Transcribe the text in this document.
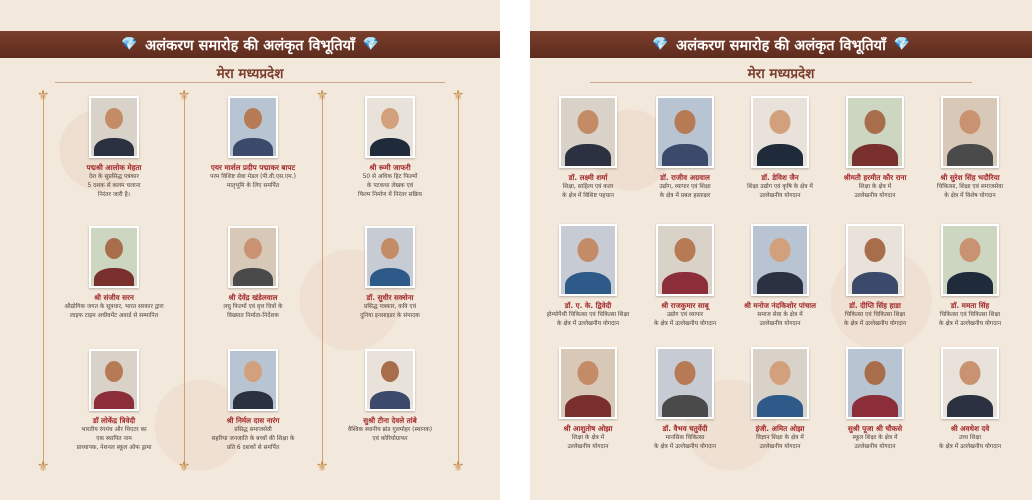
💎 अलंकरण समारोह की अलंकृत विभूतियाँ 💎
मेरा मध्यप्रदेश
⚜	⚜	⚜	⚜
⚜	⚜	⚜	⚜
पद्मश्री आलोक मेहता
देश के सुप्रसिद्ध पत्रकार
5 दशक से कलम चलाना
निरंतर जारी है।
एयर मार्शल प्रदीप पद्माकर बापट
परम विशिष्ट सेवा मेडल (पी.वी.एस.एम.)
मातृभूमि के लिए समर्पित
श्री रूमी जाफरी
50 से अधिक हिट फिल्मों
के पटकथा लेखक एवं
फिल्म निर्माण में निरंतर सक्रिय
श्री संजीव सरन
औद्योगिक जगत के सूत्रधार, भारत सरकार द्वारा
लाइफ टाइम अचीवमेंट अवार्ड से सम्मानित
श्री देवेंद्र खंडेलवाल
लघु फिल्मों एवं वृत्त चित्रों के
विख्यात निर्माता-निर्देशक
डॉ. सुधीर सक्सेना
प्रसिद्ध पत्रकार, कवि एवं
दुनिया इनसाइडर के संपादक
डॉ लोकेंद्र त्रिवेदी
भारतीय रंगमंच और थिएटर का
एक स्थापित नाम
प्राध्यापक, नेशनल स्कूल ऑफ ड्रामा
श्री निर्मल दास नारंग
प्रसिद्ध समाजसेवी
सहरिया जनजाति के बच्चों की शिक्षा के
प्रति 6 दशकों से समर्पित
सुश्री टीना देवले तांबे
वैश्विक स्थानीय ब्रांड गुलमोहर (स्थानक)
एवं कोरियोग्राफर
💎 अलंकरण समारोह की अलंकृत विभूतियाँ 💎
मेरा मध्यप्रदेश
डॉ. लक्ष्मी शर्मा
शिक्षा, साहित्य एवं कला
के क्षेत्र में विशिष्ट पहचान
डॉ. राजीव अग्रवाल
उद्योग, व्यापार एवं शिक्षा
के क्षेत्र में प्रबल हस्ताक्षर
डॉ. डेविश जैन
शिक्षा उद्योग एवं कृषि के क्षेत्र में
उल्लेखनीय योगदान
श्रीमती हरमीत कौर राना
शिक्षा के क्षेत्र में
उल्लेखनीय योगदान
श्री सुरेश सिंह भदौरिया
चिकित्सा, शिक्षा एवं समाजसेवा
के क्षेत्र में विशेष योगदान
डॉ. ए. के. द्विवेदी
होम्योपैथी चिकित्सा एवं चिकित्सा शिक्षा
के क्षेत्र में उल्लेखनीय योगदान
श्री राजकुमार साबू
उद्योग एवं व्यापार
के क्षेत्र में उल्लेखनीय योगदान
श्री मनोज नंदकिशोर पांचाल
समाज सेवा के क्षेत्र में
उल्लेखनीय योगदान
डॉ. दीप्ति सिंह हाडा
चिकित्सा एवं चिकित्सा शिक्षा
के क्षेत्र में उल्लेखनीय योगदान
डॉ. ममता सिंह
चिकित्सा एवं चिकित्सा शिक्षा
के क्षेत्र में उल्लेखनीय योगदान
श्री आशुतोष ओझा
शिक्षा के क्षेत्र में
उल्लेखनीय योगदान
डॉ. वैभव चतुर्वेदी
मानसिक चिकित्सा
के क्षेत्र में उल्लेखनीय योगदान
इंजी. अमित ओझा
विज्ञान शिक्षा के क्षेत्र में
उल्लेखनीय योगदान
सुश्री पूजा श्री चौकसे
स्कूल शिक्षा के क्षेत्र में
उल्लेखनीय योगदान
श्री अवधेश दवे
उच्च शिक्षा
के क्षेत्र में उल्लेखनीय योगदान
